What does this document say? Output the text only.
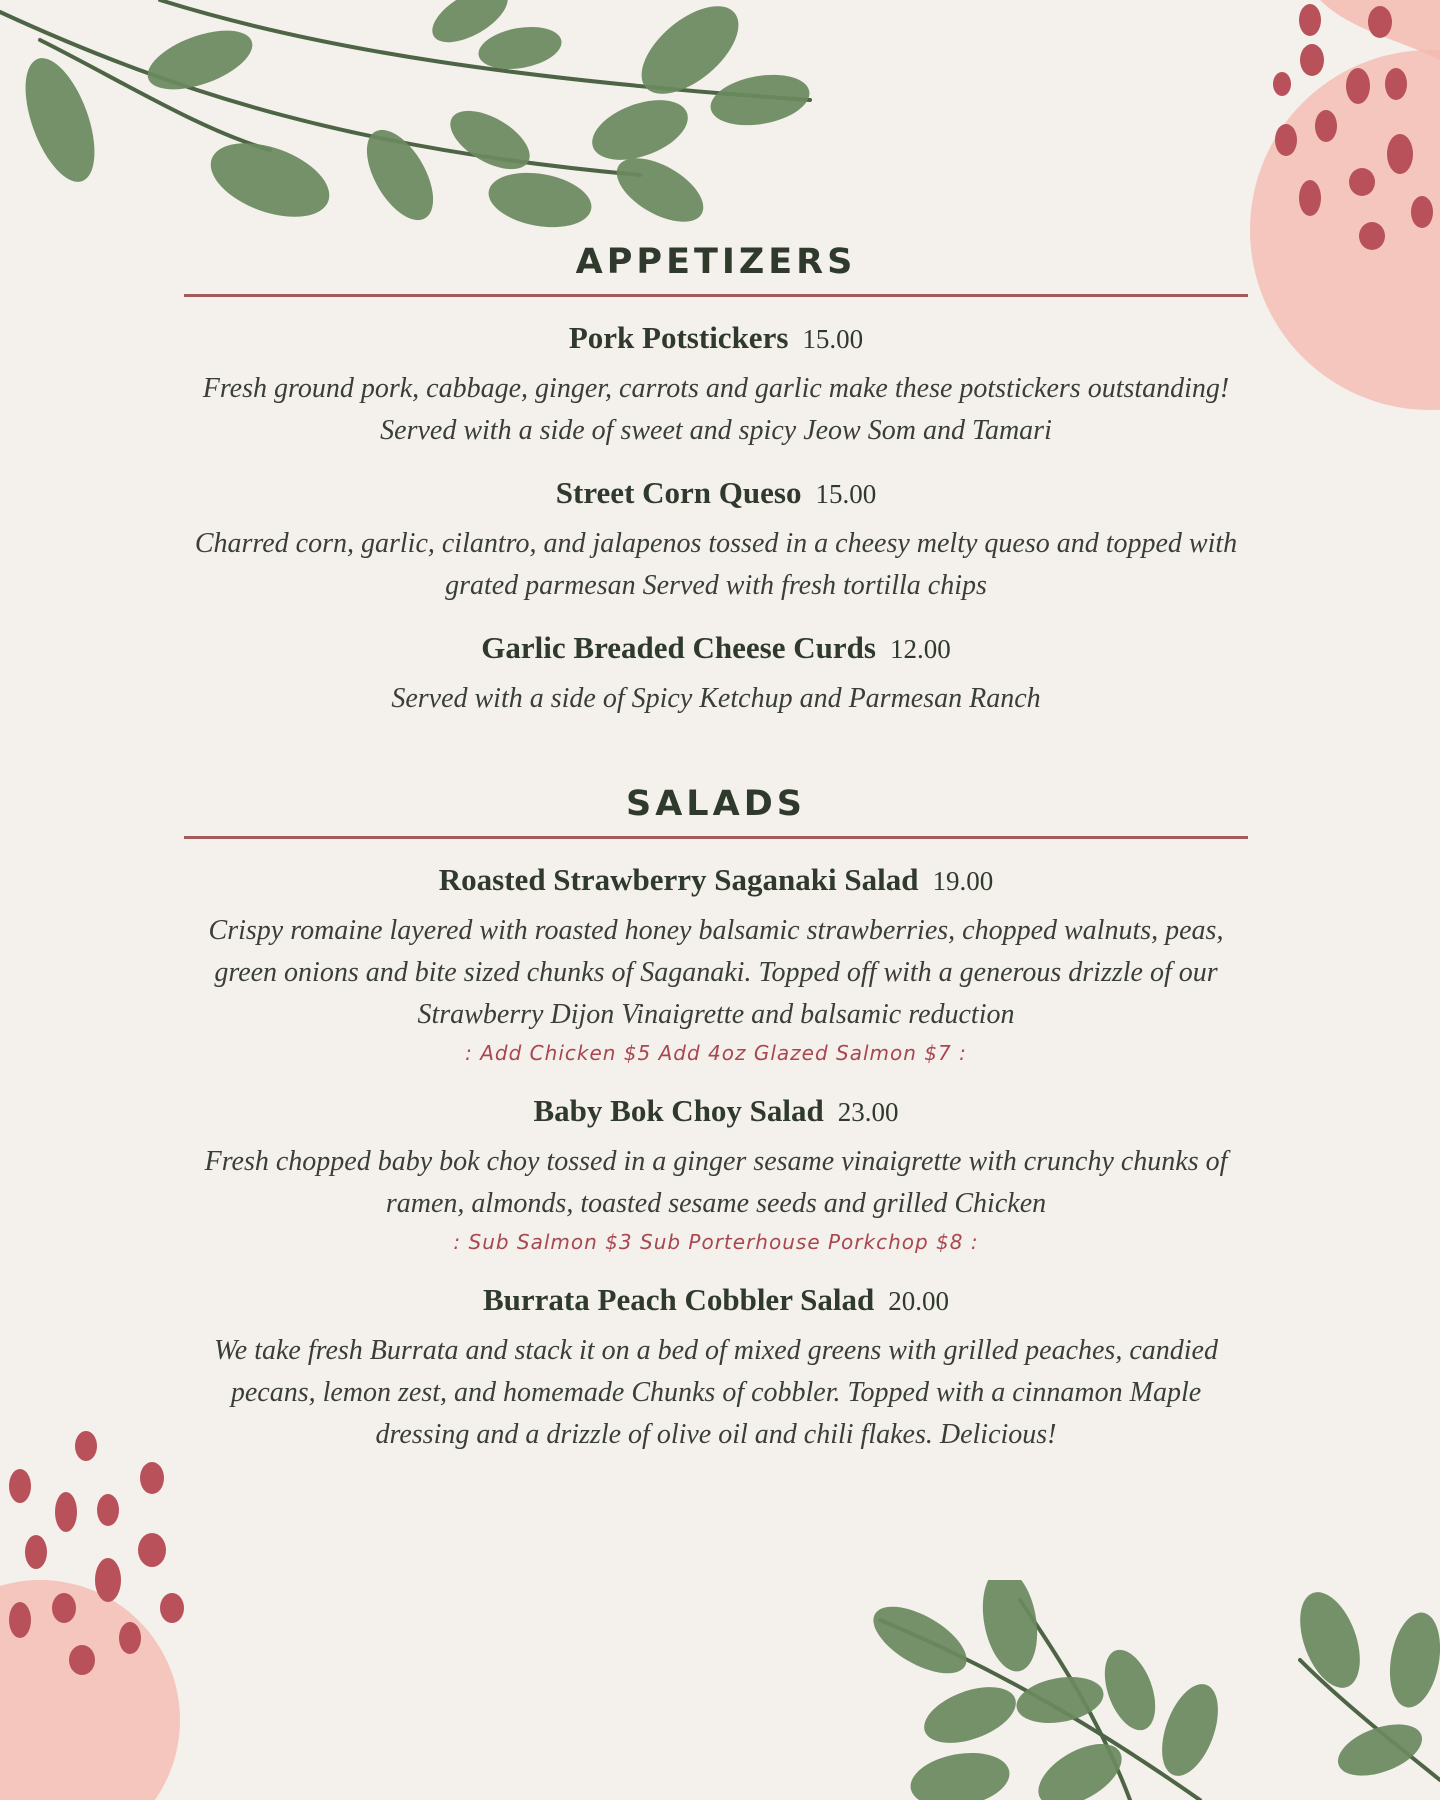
APPETIZERS
Pork Potstickers 15.00
Fresh ground pork, cabbage, ginger, carrots and garlic make these potstickers outstanding! Served with a side of sweet and spicy Jeow Som and Tamari
Street Corn Queso 15.00
Charred corn, garlic, cilantro, and jalapenos tossed in a cheesy melty queso and topped with grated parmesan Served with fresh tortilla chips
Garlic Breaded Cheese Curds 12.00
Served with a side of Spicy Ketchup and Parmesan Ranch
SALADS
Roasted Strawberry Saganaki Salad 19.00
Crispy romaine layered with roasted honey balsamic strawberries, chopped walnuts, peas, green onions and bite sized chunks of Saganaki. Topped off with a generous drizzle of our Strawberry Dijon Vinaigrette and balsamic reduction
: Add Chicken $5 Add 4oz Glazed Salmon $7 :
Baby Bok Choy Salad 23.00
Fresh chopped baby bok choy tossed in a ginger sesame vinaigrette with crunchy chunks of ramen, almonds, toasted sesame seeds and grilled Chicken
: Sub Salmon $3 Sub Porterhouse Porkchop $8 :
Burrata Peach Cobbler Salad 20.00
We take fresh Burrata and stack it on a bed of mixed greens with grilled peaches, candied pecans, lemon zest, and homemade Chunks of cobbler. Topped with a cinnamon Maple dressing and a drizzle of olive oil and chili flakes. Delicious!
